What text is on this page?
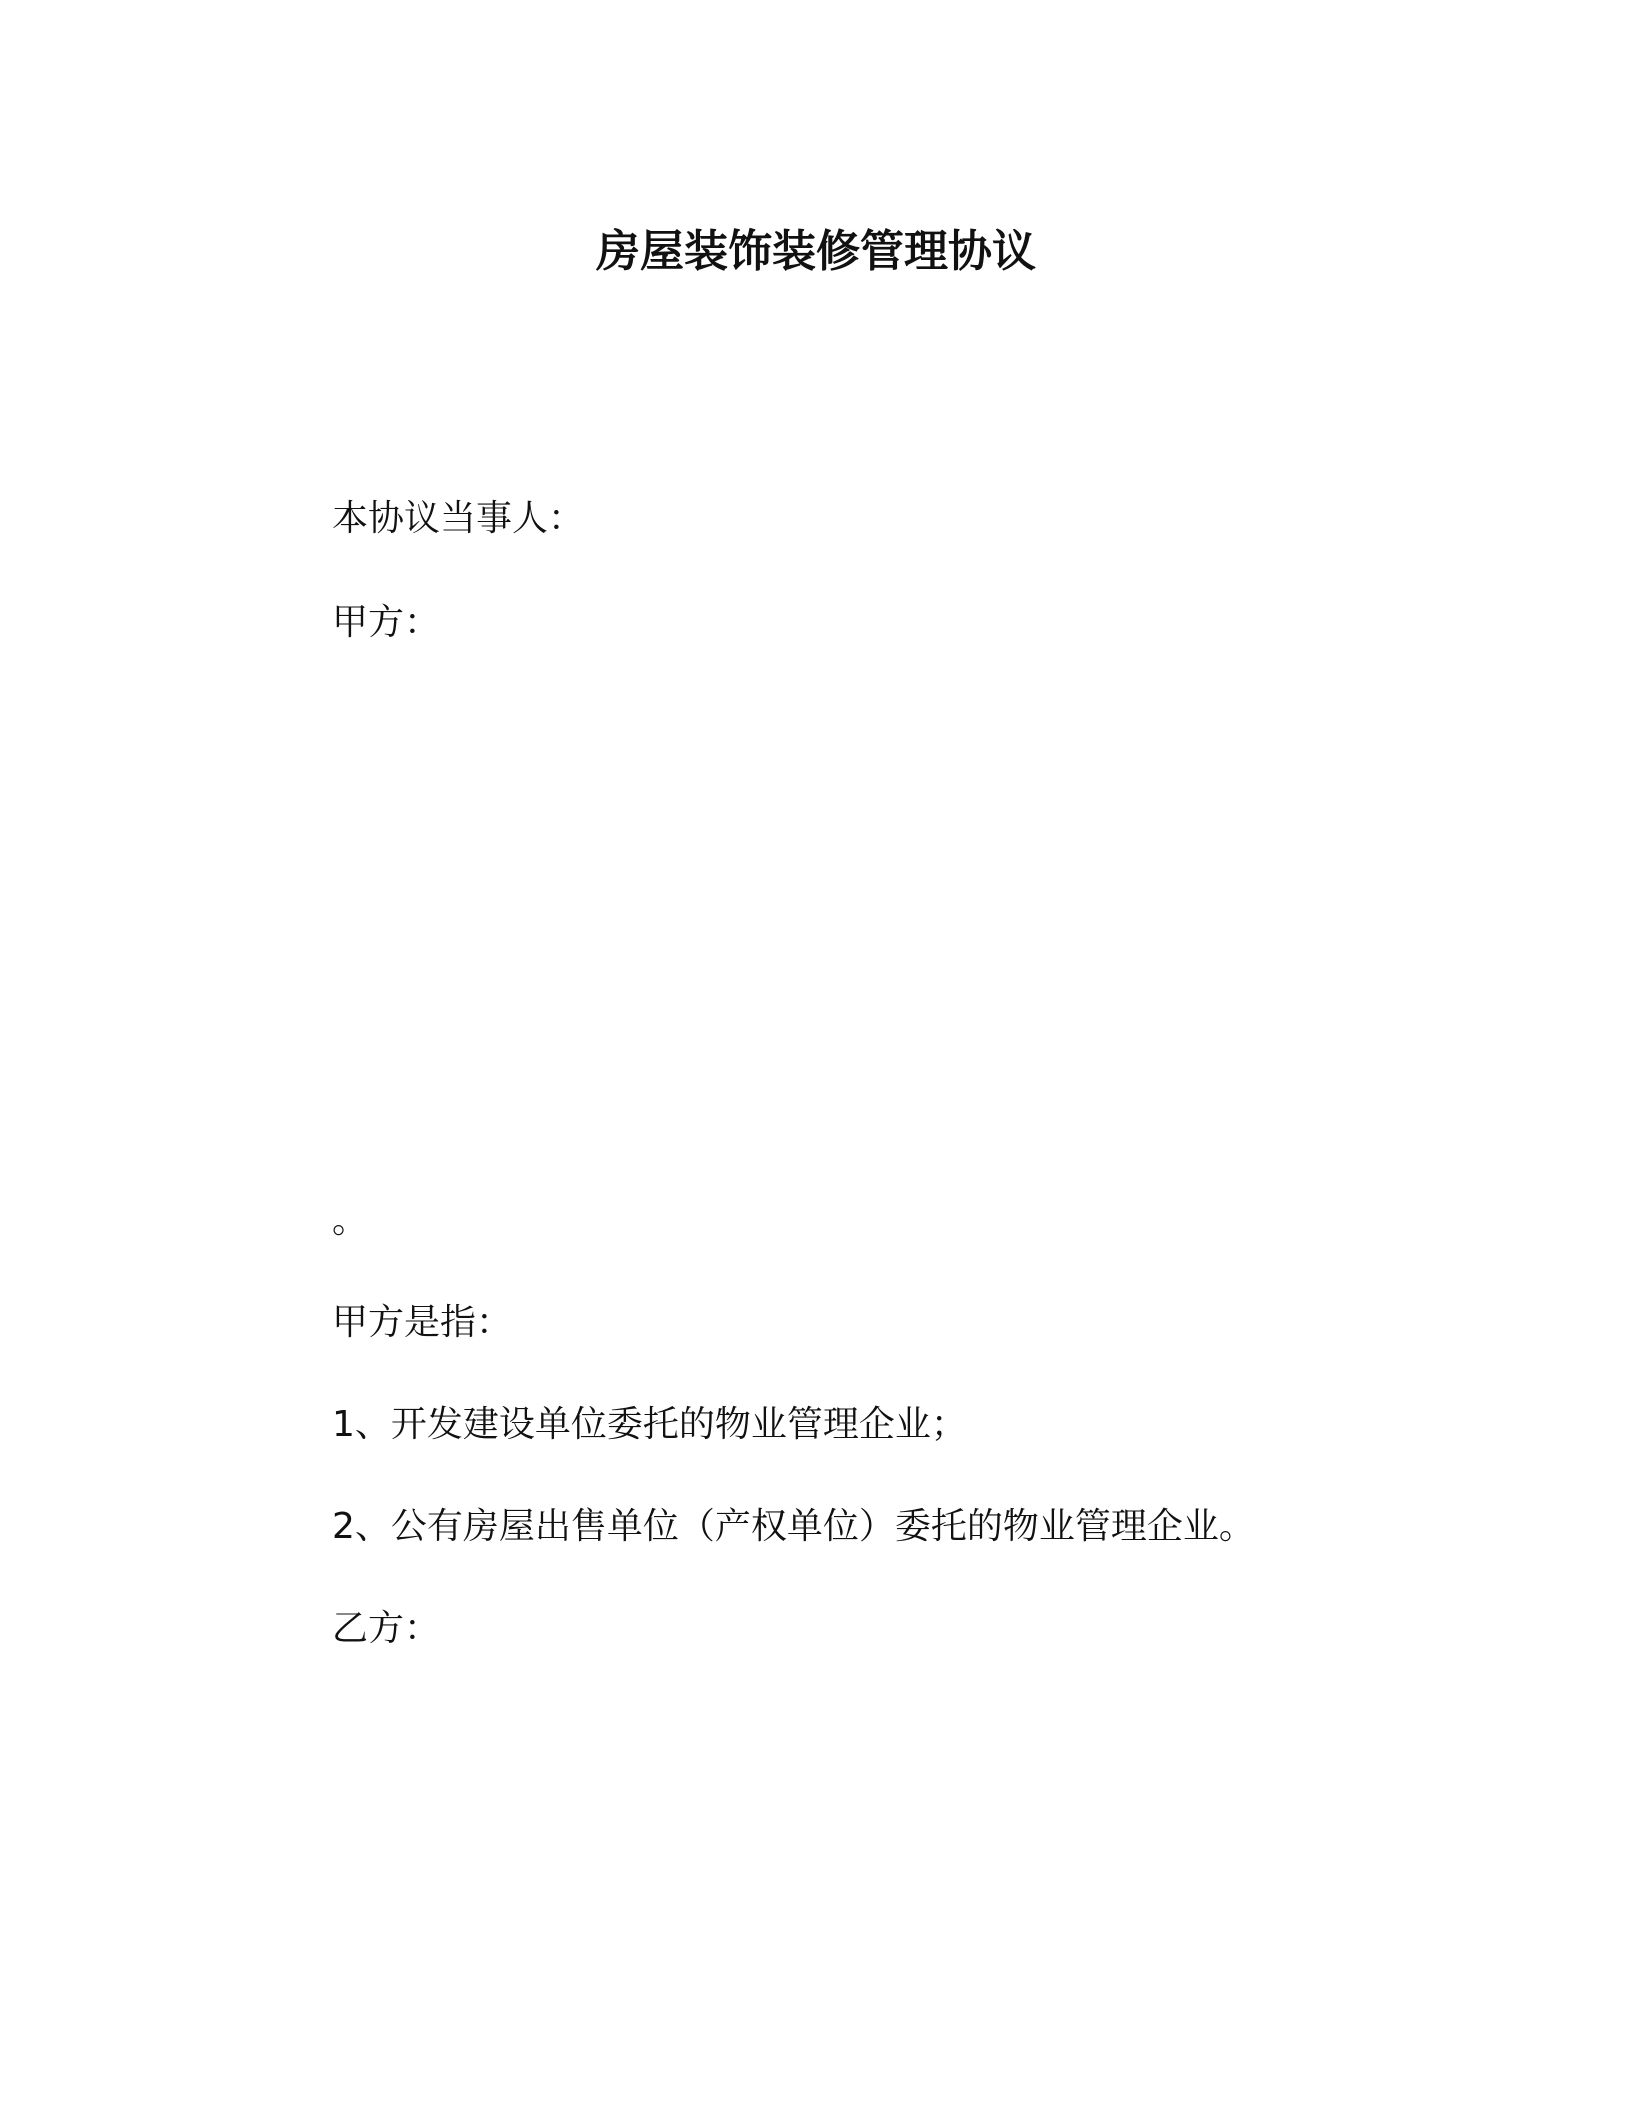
房屋装饰装修管理协议
本协议当事人：
甲方：
。
甲方是指：
1、开发建设单位委托的物业管理企业；
2、公有房屋出售单位（产权单位）委托的物业管理企业。
乙方：
